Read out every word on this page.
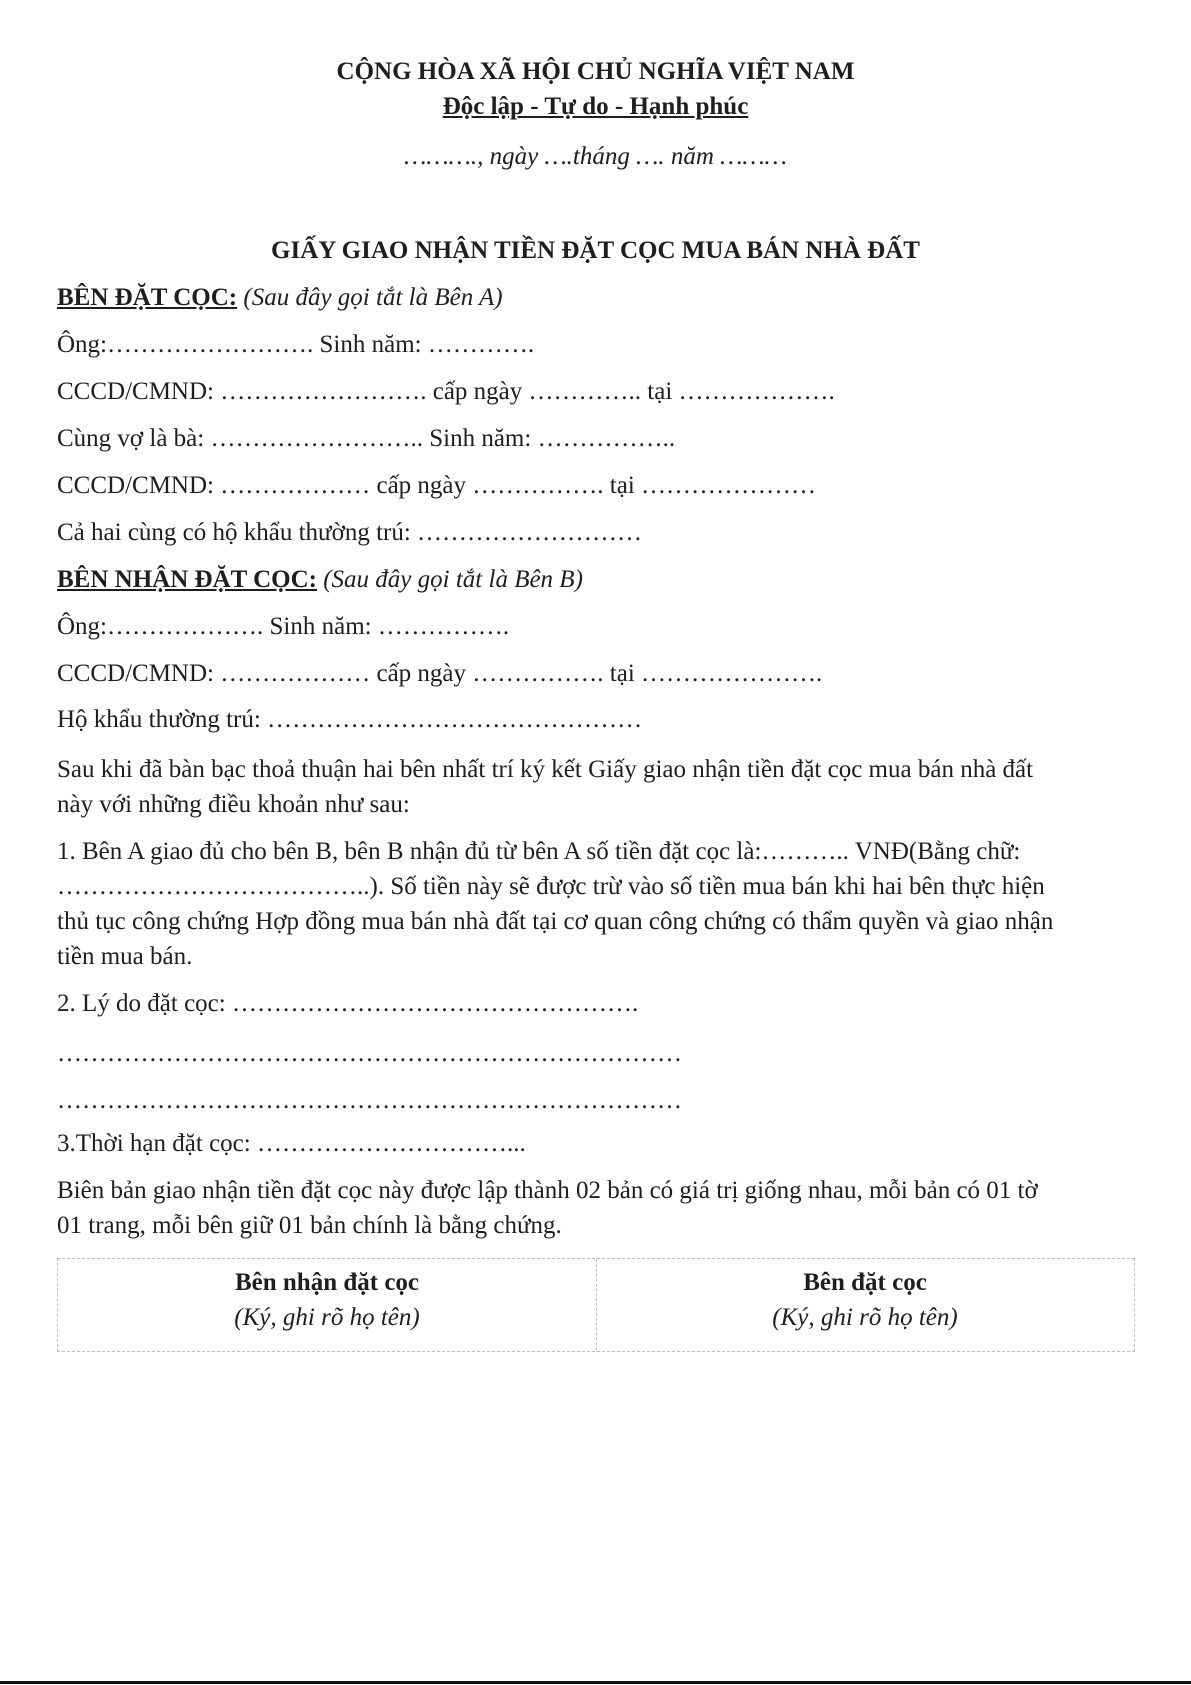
CỘNG HÒA XÃ HỘI CHỦ NGHĨA VIỆT NAM
Độc lập - Tự do - Hạnh phúc
………., ngày ….tháng …. năm ………
GIẤY GIAO NHẬN TIỀN ĐẶT CỌC MUA BÁN NHÀ ĐẤT
BÊN ĐẶT CỌC: (Sau đây gọi tắt là Bên A)
Ông:……………………. Sinh năm: ………….
CCCD/CMND: ……………………. cấp ngày ………….. tại ……………….
Cùng vợ là bà: …………………….. Sinh năm: ……………..
CCCD/CMND: ……………… cấp ngày ……………. tại …………………
Cả hai cùng có hộ khẩu thường trú: ………………………
BÊN NHẬN ĐẶT CỌC: (Sau đây gọi tắt là Bên B)
Ông:………………. Sinh năm: …………….
CCCD/CMND: ……………… cấp ngày ……………. tại ………………….
Hộ khẩu thường trú: ………………………………………
Sau khi đã bàn bạc thoả thuận hai bên nhất trí ký kết Giấy giao nhận tiền đặt cọc mua bán nhà đất
này với những điều khoản như sau:
1. Bên A giao đủ cho bên B, bên B nhận đủ từ bên A số tiền đặt cọc là:……….. VNĐ(Bằng chữ:
………………………………..). Số tiền này sẽ được trừ vào số tiền mua bán khi hai bên thực hiện
thủ tục công chứng Hợp đồng mua bán nhà đất tại cơ quan công chứng có thẩm quyền và giao nhận
tiền mua bán.
2. Lý do đặt cọc: ………………………………………….
…………………………………………………………………
…………………………………………………………………
3.Thời hạn đặt cọc: …………………………...
Biên bản giao nhận tiền đặt cọc này được lập thành 02 bản có giá trị giống nhau, mỗi bản có 01 tờ
01 trang, mỗi bên giữ 01 bản chính là bằng chứng.
Bên nhận đặt cọc
(Ký, ghi rõ họ tên)
Bên đặt cọc
(Ký, ghi rõ họ tên)
